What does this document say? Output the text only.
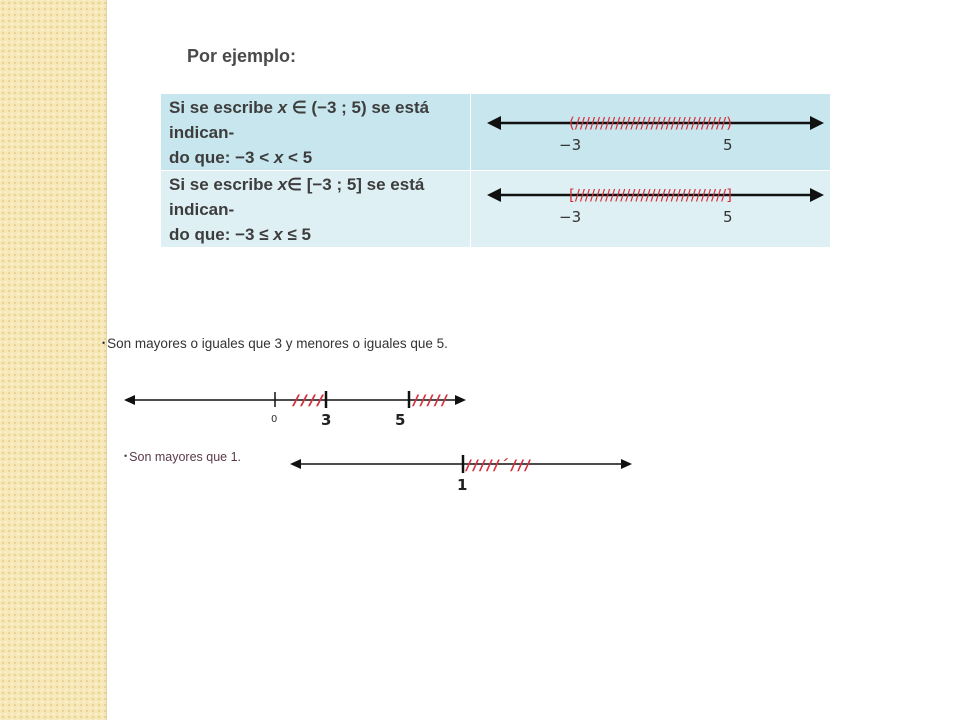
Por ejemplo:
Si se escribe x ∈ (−3 ; 5) se está indican-
do que: −3 < x < 5	(//////////////////////////////)
−3 5

Si se escribe x∈ [−3 ; 5] se está indican-
do que: −3 ≤ x ≤ 5	[//////////////////////////////]
−3 5
• Son mayores o iguales que 3 y menores o iguales que 5.
////	/////
0	3	5
• Son mayores que 1.
/////´///
1
